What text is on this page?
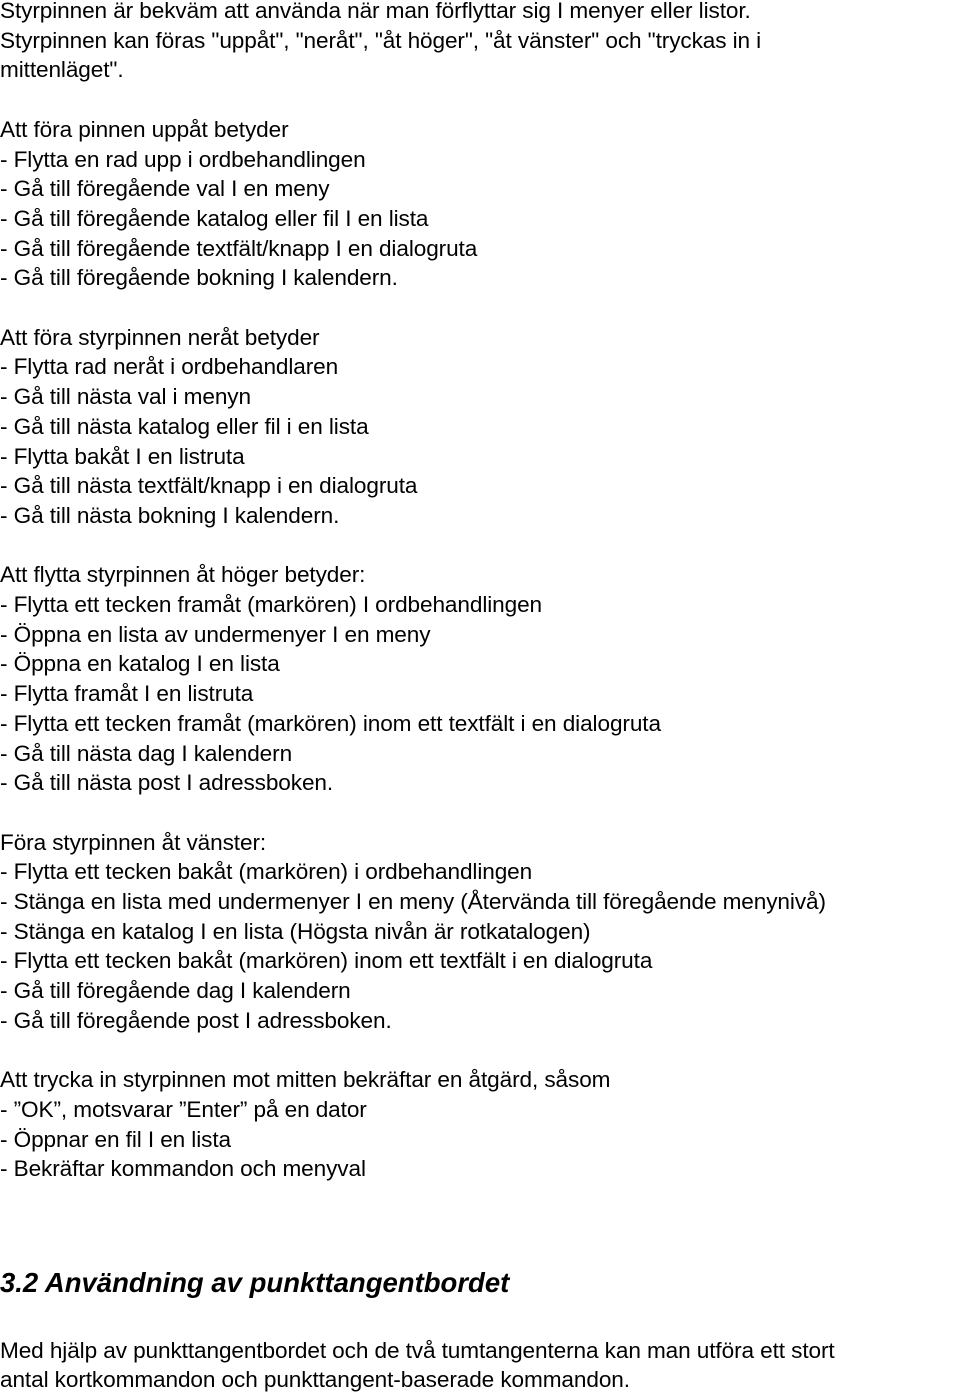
Styrpinnen är bekväm att använda när man förflyttar sig I menyer eller listor.

Styrpinnen kan föras "uppåt", "neråt", "åt höger", "åt vänster" och "tryckas in i

mittenläget".

Att föra pinnen uppåt betyder

- Flytta en rad upp i ordbehandlingen

- Gå till föregående val I en meny

- Gå till föregående katalog eller fil I en lista

- Gå till föregående textfält/knapp I en dialogruta

- Gå till föregående bokning I kalendern.

Att föra styrpinnen neråt betyder

- Flytta rad neråt i ordbehandlaren

- Gå till nästa val i menyn

- Gå till nästa katalog eller fil i en lista

- Flytta bakåt I en listruta

- Gå till nästa textfält/knapp i en dialogruta

- Gå till nästa bokning I kalendern.

Att flytta styrpinnen åt höger betyder:

- Flytta ett tecken framåt (markören) I ordbehandlingen

- Öppna en lista av undermenyer I en meny

- Öppna en katalog I en lista

- Flytta framåt I en listruta

- Flytta ett tecken framåt (markören) inom ett textfält i en dialogruta

- Gå till nästa dag I kalendern

- Gå till nästa post I adressboken.

Föra styrpinnen åt vänster:

- Flytta ett tecken bakåt (markören) i ordbehandlingen

- Stänga en lista med undermenyer I en meny (Återvända till föregående menynivå)

- Stänga en katalog I en lista (Högsta nivån är rotkatalogen)

- Flytta ett tecken bakåt (markören) inom ett textfält i en dialogruta

- Gå till föregående dag I kalendern

- Gå till föregående post I adressboken.

Att trycka in styrpinnen mot mitten bekräftar en åtgärd, såsom

- ”OK”, motsvarar ”Enter” på en dator

- Öppnar en fil I en lista

- Bekräftar kommandon och menyval

3.2 Användning av punkttangentbordet

Med hjälp av punkttangentbordet och de två tumtangenterna kan man utföra ett stort

antal kortkommandon och punkttangent-baserade kommandon.
